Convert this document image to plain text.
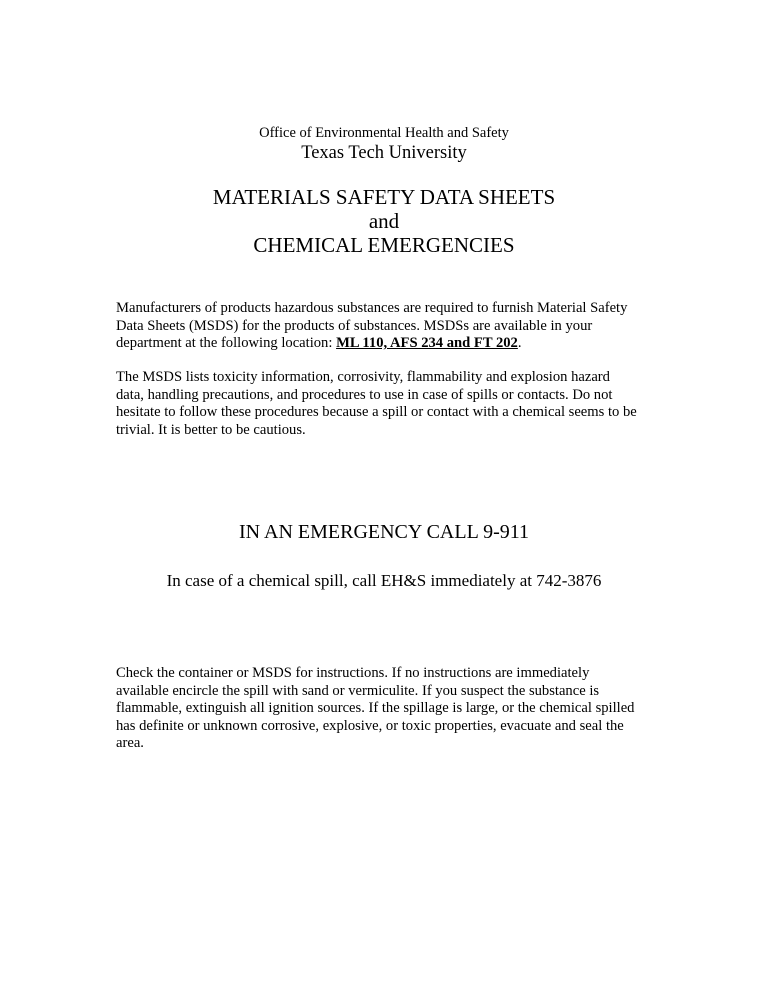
Office of Environmental Health and Safety
Texas Tech University
MATERIALS SAFETY DATA SHEETS
and
CHEMICAL EMERGENCIES
Manufacturers of products hazardous substances are required to furnish Material Safety
Data Sheets (MSDS) for the products of substances. MSDSs are available in your
department at the following location: ML 110, AFS 234 and FT 202.
The MSDS lists toxicity information, corrosivity, flammability and explosion hazard
data, handling precautions, and procedures to use in case of spills or contacts. Do not
hesitate to follow these procedures because a spill or contact with a chemical seems to be
trivial. It is better to be cautious.
IN AN EMERGENCY CALL 9-911
In case of a chemical spill, call EH&S immediately at 742-3876
Check the container or MSDS for instructions. If no instructions are immediately
available encircle the spill with sand or vermiculite. If you suspect the substance is
flammable, extinguish all ignition sources. If the spillage is large, or the chemical spilled
has definite or unknown corrosive, explosive, or toxic properties, evacuate and seal the
area.
